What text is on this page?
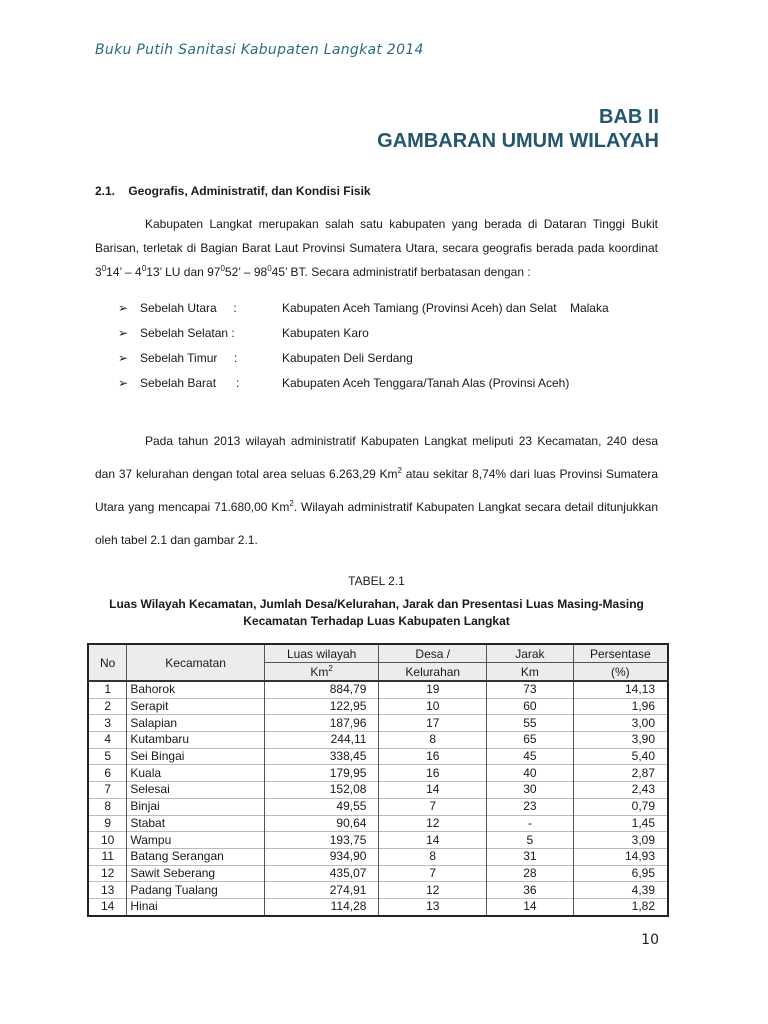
Buku Putih Sanitasi Kabupaten Langkat 2014
BAB II
GAMBARAN UMUM WILAYAH
2.1. Geografis, Administratif, dan Kondisi Fisik
Kabupaten Langkat merupakan salah satu kabupaten yang berada di Dataran Tinggi Bukit Barisan, terletak di Bagian Barat Laut Provinsi Sumatera Utara, secara geografis berada pada koordinat $3^014$’ – $4^013$’ LU dan $97^052$’ – $98^045$’ BT. Secara administratif berbatasan dengan :
➢ Sebelah Utara     :	Kabupaten Aceh Tamiang (Provinsi Aceh) dan Selat    Malaka
➢ Sebelah Selatan :	Kabupaten Karo
➢ Sebelah Timur     :	Kabupaten Deli Serdang
➢ Sebelah Barat      :	Kabupaten Aceh Tenggara/Tanah Alas (Provinsi Aceh)
Pada tahun 2013 wilayah administratif Kabupaten Langkat meliputi 23 Kecamatan, 240 desa dan 37 kelurahan dengan total area seluas 6.263,29 Km$^2$ atau sekitar 8,74% dari luas Provinsi Sumatera Utara yang mencapai 71.680,00 Km$^2$. Wilayah administratif Kabupaten Langkat secara detail ditunjukkan oleh tabel 2.1 dan gambar 2.1.
TABEL 2.1
Luas Wilayah Kecamatan, Jumlah Desa/Kelurahan, Jarak dan Presentasi Luas Masing-Masing
Kecamatan Terhadap Luas Kabupaten Langkat
No	Kecamatan	Luas wilayah	Desa /	Jarak	Persentase
		Km$^2$	Kelurahan	Km	(%)
1	Bahorok	884,79	19	73	14,13
2	Serapit	122,95	10	60	1,96
3	Salapian	187,96	17	55	3,00
4	Kutambaru	244,11	8	65	3,90
5	Sei Bingai	338,45	16	45	5,40
6	Kuala	179,95	16	40	2,87
7	Selesai	152,08	14	30	2,43
8	Binjai	49,55	7	23	0,79
9	Stabat	90,64	12	-	1,45
10	Wampu	193,75	14	5	3,09
11	Batang Serangan	934,90	8	31	14,93
12	Sawit Seberang	435,07	7	28	6,95
13	Padang Tualang	274,91	12	36	4,39
14	Hinai	114,28	13	14	1,82
10
